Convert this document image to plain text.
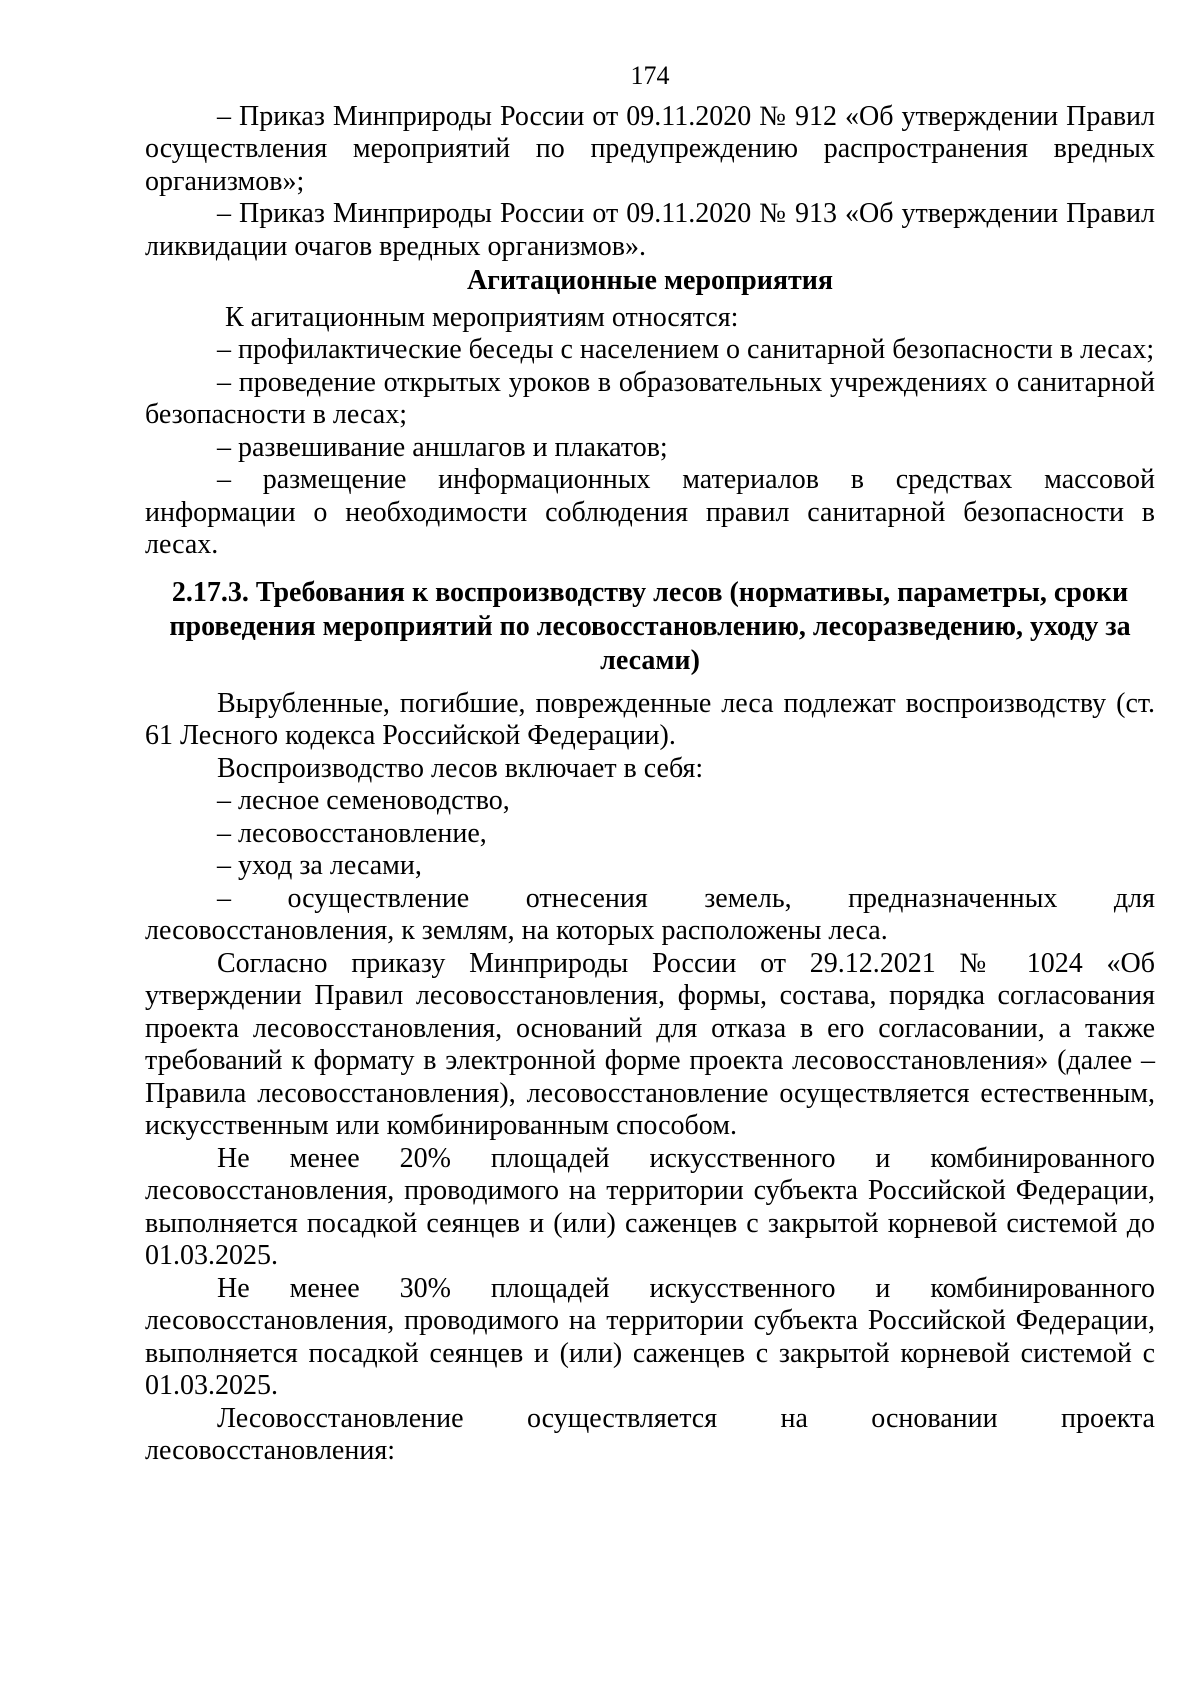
174

– Приказ Минприроды России от 09.11.2020 № 912 «Об утверждении Правил осуществления мероприятий по предупреждению распространения вредных организмов»;

– Приказ Минприроды России от 09.11.2020 № 913 «Об утверждении Правил ликвидации очагов вредных организмов».

Агитационные мероприятия

К агитационным мероприятиям относятся:

– профилактические беседы с населением о санитарной безопасности в лесах;

– проведение открытых уроков в образовательных учреждениях о санитарной безопасности в лесах;

– развешивание аншлагов и плакатов;

– размещение информационных материалов в средствах массовой информации о необходимости соблюдения правил санитарной безопасности в лесах.

2.17.3. Требования к воспроизводству лесов (нормативы, параметры, сроки проведения мероприятий по лесовосстановлению, лесоразведению, уходу за лесами)

Вырубленные, погибшие, поврежденные леса подлежат воспроизводству (ст. 61 Лесного кодекса Российской Федерации).

Воспроизводство лесов включает в себя:

– лесное семеноводство,

– лесовосстановление,

– уход за лесами,

– осуществление отнесения земель, предназначенных для лесовосстановления, к землям, на которых расположены леса.

Согласно приказу Минприроды России от 29.12.2021 № 1024 «Об утверждении Правил лесовосстановления, формы, состава, порядка согласования проекта лесовосстановления, оснований для отказа в его согласовании, а также требований к формату в электронной форме проекта лесовосстановления» (далее – Правила лесовосстановления), лесовосстановление осуществляется естественным, искусственным или комбинированным способом.

Не менее 20% площадей искусственного и комбинированного лесовосстановления, проводимого на территории субъекта Российской Федерации, выполняется посадкой сеянцев и (или) саженцев с закрытой корневой системой до 01.03.2025.

Не менее 30% площадей искусственного и комбинированного лесовосстановления, проводимого на территории субъекта Российской Федерации, выполняется посадкой сеянцев и (или) саженцев с закрытой корневой системой с 01.03.2025.

Лесовосстановление осуществляется на основании проекта лесовосстановления:
